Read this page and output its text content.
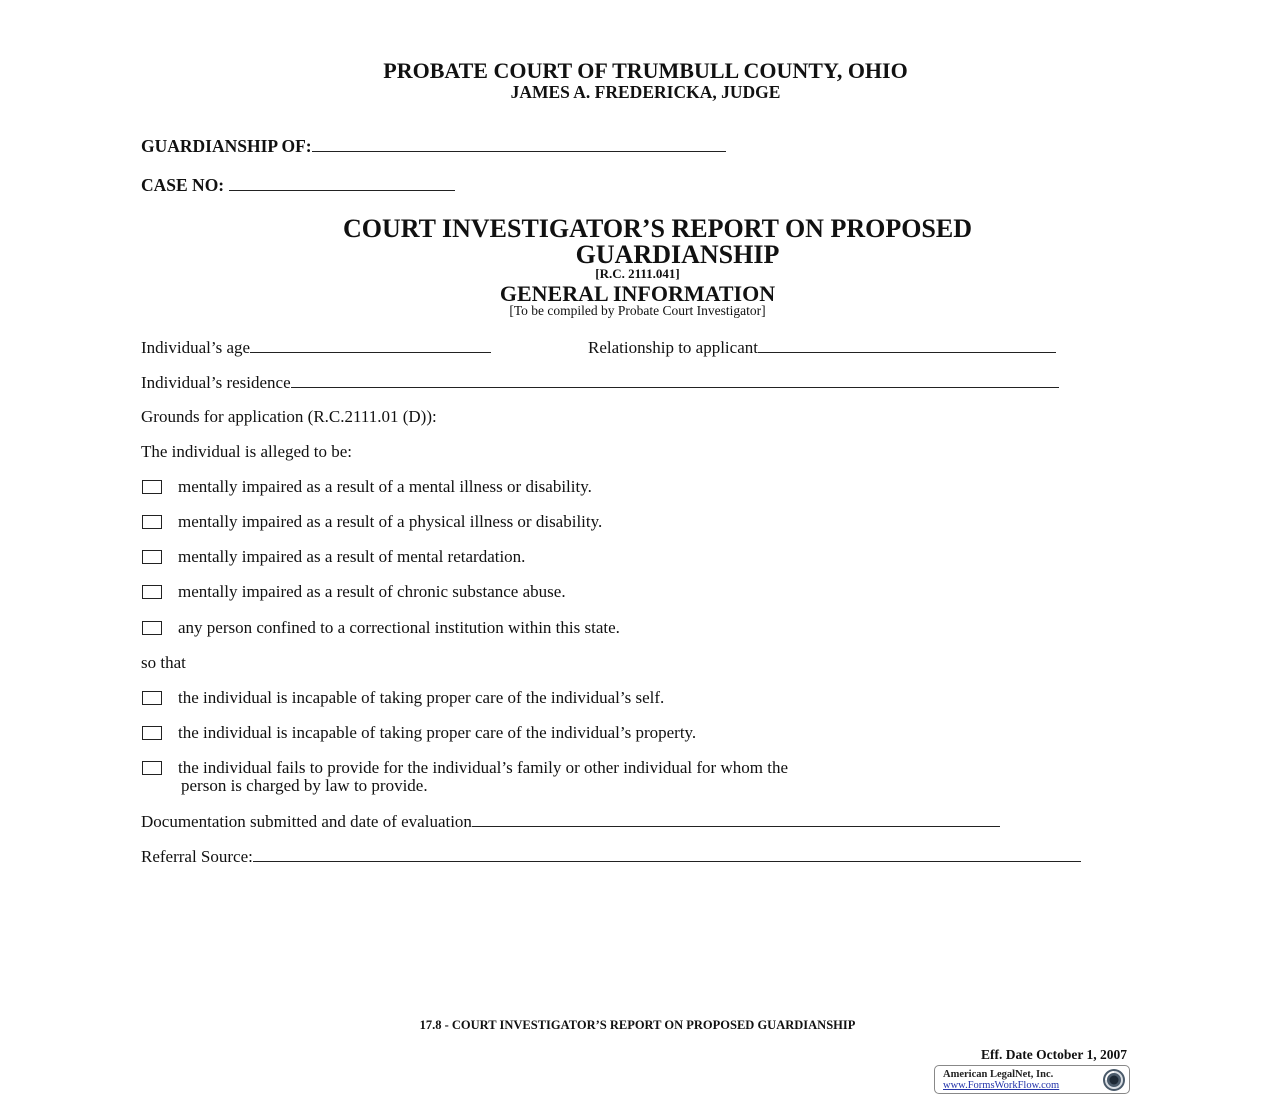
PROBATE COURT OF TRUMBULL COUNTY, OHIO
JAMES A. FREDERICKA, JUDGE
GUARDIANSHIP OF:
CASE NO:
COURT INVESTIGATOR’S REPORT ON PROPOSED
GUARDIANSHIP
[R.C. 2111.041]
GENERAL INFORMATION
[To be compiled by Probate Court Investigator]
Individual’s age	Relationship to applicant
Individual’s residence
Grounds for application (R.C.2111.01 (D)):
The individual is alleged to be:
mentally impaired as a result of a mental illness or disability.
mentally impaired as a result of a physical illness or disability.
mentally impaired as a result of mental retardation.
mentally impaired as a result of chronic substance abuse.
any person confined to a correctional institution within this state.
so that
the individual is incapable of taking proper care of the individual’s self.
the individual is incapable of taking proper care of the individual’s property.
the individual fails to provide for the individual’s family or other individual for whom the
person is charged by law to provide.
Documentation submitted and date of evaluation
Referral Source:
17.8 - COURT INVESTIGATOR’S REPORT ON PROPOSED GUARDIANSHIP
Eff. Date October 1, 2007
American LegalNet, Inc.
www.FormsWorkFlow.com
